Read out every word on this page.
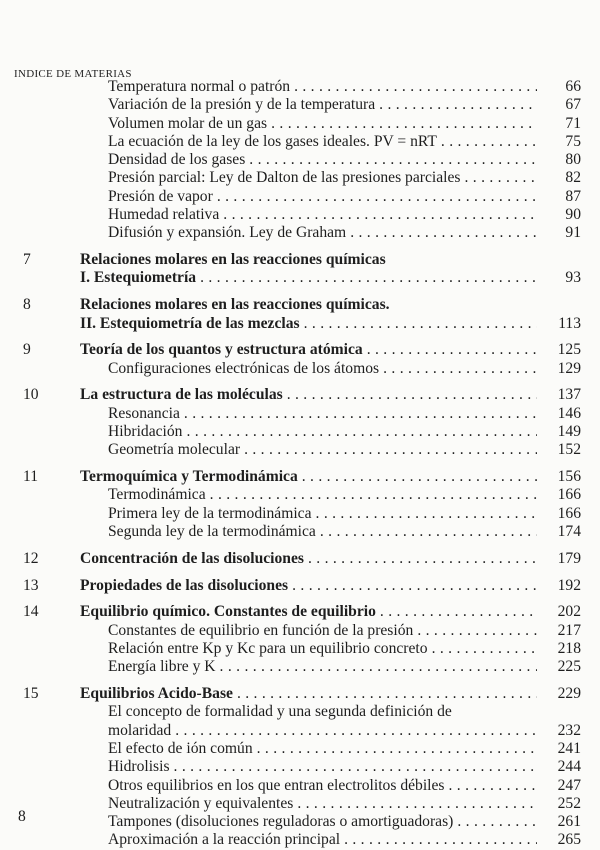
INDICE DE MATERIAS
Temperatura normal o patrón . . .	66
Variación de la presión y de la temperatura . . .	67
Volumen molar de un gas . . .	71
La ecuación de la ley de los gases ideales. PV = nRT . . .	75
Densidad de los gases . . .	80
Presión parcial: Ley de Dalton de las presiones parciales . . .	82
Presión de vapor . . .	87
Humedad relativa . . .	90
Difusión y expansión. Ley de Graham . . .	91
7	Relaciones molares en las reacciones químicas
I. Estequiometría . . .	93
8	Relaciones molares en las reacciones químicas.
II. Estequiometría de las mezclas . . .	113
9	Teoría de los quantos y estructura atómica . . .	125
Configuraciones electrónicas de los átomos . . .	129
10	La estructura de las moléculas . . .	137
Resonancia . . .	146
Hibridación . . .	149
Geometría molecular . . .	152
11	Termoquímica y Termodinámica . . .	156
Termodinámica . . .	166
Primera ley de la termodinámica . . .	166
Segunda ley de la termodinámica . . .	174
12	Concentración de las disoluciones . . .	179
13	Propiedades de las disoluciones . . .	192
14	Equilibrio químico. Constantes de equilibrio . . .	202
Constantes de equilibrio en función de la presión . . .	217
Relación entre Kp y Kc para un equilibrio concreto . . .	218
Energía libre y K . . .	225
15	Equilibrios Acido-Base . . .	229
El concepto de formalidad y una segunda definición de
molaridad . . .	232
El efecto de ión común . . .	241
Hidrolisis . . .	244
Otros equilibrios en los que entran electrolitos débiles . . .	247
Neutralización y equivalentes . . .	252
Tampones (disoluciones reguladoras o amortiguadoras) . . .	261
Aproximación a la reacción principal . . .	265
8
